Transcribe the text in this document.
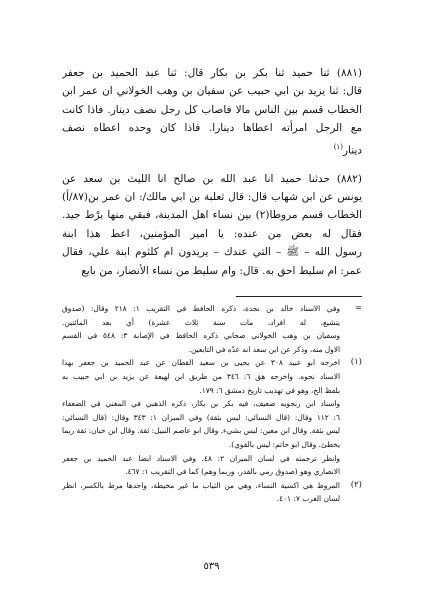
(٨٨١) ثنا حميد ثنا بكر بن بكار قال: ثنا عبد الحميد بن جعفر
قال: ثنا يزيد بن ابي حبيب عن سفيان بن وهب الخولاني ان عمر ابن
الخطاب قسم بين الناس مالا فاصاب كل رجل نصف دينار. فاذا كانت
مع الرجل امرأته اعطاها دينارا. فاذا كان وحده اعطاه نصف
دينار$^{(١)}$
(٨٨٢) حدثنا حميد انا عبد الله بن صالح انا الليث بن سعد عن
يونس عن ابن شهاب قال: قال ثعلبة بن ابي مالك/: ان عمر بن(٨٧/أ)
الخطاب قسم مروطا(٢) بين نساء اهل المدينة، فبقي منها برْط جيد.
فقال له بعض من عنده: يا امير المؤمنين، اعط هذا ابنة
رسول الله – ﷺ – التي عندك – يريدون ام كلثوم ابنة علي، فقال
عمر: ام سليط احق به. قال: وام سليط من نساء الأنصار، من بايع
=
وفي الاسناد خالد بن نجدة، ذكره الحافظ في التقريب ١: ٢١٨ وقال: (صدوق
يتشيع، له افراد، مات سنة ثلاث عشرة) أي بعد المائتين.
وسفيان بن وهب الخولاني صحابي ذكره الحافظ في الإصابة ٣: ٥٤٨ في القسم
الاول منه، وذكر عن ابن سعد انه عدّه في التابعين.
(١)
اخرجه ابو عبيد ٣٠٨ عن يحيى بن سعيد القطان عن عبد الحميد بن جعفر بهذا
الاسناد نحوه. واخرجه هق ٦: ٣٤٦ من طريق ابن لهيعة عن يزيد بن ابي حبيب به
بلفظ الخ، وهو في تهذيب تاريخ دمشق ٦: ١٧٩.
واسناد ابن زنجويه ضعيف، فيه بكر بن بكار، ذكره الذهبي في المغني في الضعفاء
٦: ١١٢ وقال: (قال النسائي: ليس بثقة) وفي الميزان ١: ٣٤٣ وقال: (قال النسائي:
ليس بثقة. وقال ابن معين: ليس بشيء. وقال ابو عاصم النبيل: ثقة. وقال ابن حبان: ثقة ربما
يخطئ. وقال ابو حاتم: ليس بالقوي).
وانظر ترجمته في لسان الميزان ٢: ٤٨. وفي الاسناد ايضا عبد الحميد بن جعفر
الانصاري وهو (صدوق رمي بالقدر، وربما وهم) كما في التقريب ١: ٤٦٧.
(٢)
المروط هي اكسية النساء، وهي من الثياب ما غير مخيطة، واحدها مرط بالكسر، انظر
لسان العرب ٧: ٤٠١.
٥٣٩
